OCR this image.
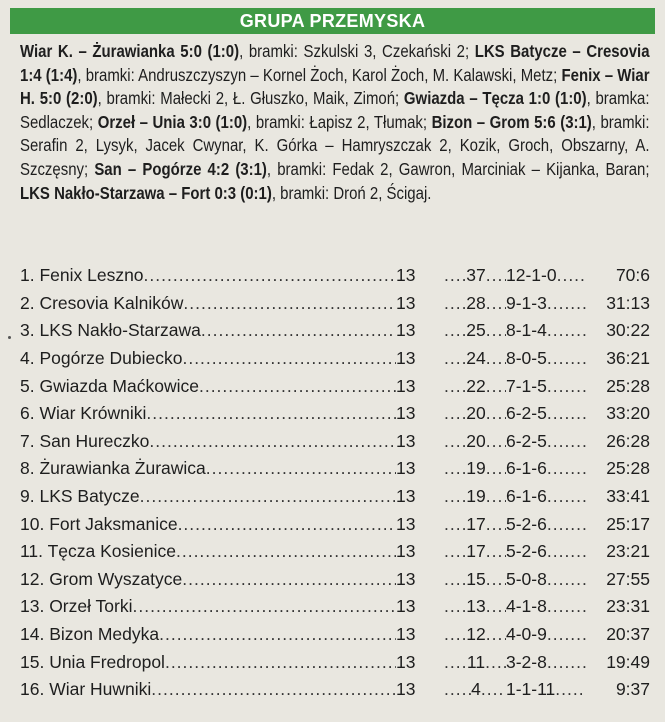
GRUPA PRZEMYSKA
Wiar K. – Żurawianka 5:0 (1:0), bramki: Szkulski 3, Czekański 2; LKS Batycze – Cresovia 1:4 (1:4), bramki: Andruszczyszyn – Kornel Żoch, Karol Żoch, M. Kalawski, Metz; Fenix – Wiar H. 5:0 (2:0), bramki: Małecki 2, Ł. Głuszko, Maik, Zimoń; Gwiazda – Tęcza 1:0 (1:0), bramka: Sedlaczek; Orzeł – Unia 3:0 (1:0), bramki: Łapisz 2, Tłumak; Bizon – Grom 5:6 (3:1), bramki: Serafin 2, Lysyk, Jacek Cwynar, K. Górka – Hamryszczak 2, Kozik, Groch, Obszarny, A. Szczęsny; San – Pogórze 4:2 (3:1), bramki: Fedak 2, Gawron, Marciniak – Kijanka, Baran; LKS Nakło-Starzawa – Fort 0:3 (0:1), bramki: Droń 2, Ścigaj.
1. Fenix Leszno .....	13 .....	37 ..... 12-1-0 .....	70:6
2. Cresovia Kalników .....	13 .....	28 ..... 9-1-3 .....	31:13
3. LKS Nakło-Starzawa .....	13 .....	25 ..... 8-1-4 .....	30:22
4. Pogórze Dubiecko .....	13 .....	24 ..... 8-0-5 .....	36:21
5. Gwiazda Maćkowice .....	13 .....	22 ..... 7-1-5 .....	25:28
6. Wiar Krówniki .....	13 .....	20 ..... 6-2-5 .....	33:20
7. San Hureczko .....	13 .....	20 ..... 6-2-5 .....	26:28
8. Żurawianka Żurawica .....	13 .....	19 ..... 6-1-6 .....	25:28
9. LKS Batycze .....	13 .....	19 ..... 6-1-6 .....	33:41
10. Fort Jaksmanice .....	13 .....	17 ..... 5-2-6 .....	25:17
11. Tęcza Kosienice .....	13 .....	17 ..... 5-2-6 .....	23:21
12. Grom Wyszatyce .....	13 .....	15 ..... 5-0-8 .....	27:55
13. Orzeł Torki .....	13 .....	13 ..... 4-1-8 .....	23:31
14. Bizon Medyka .....	13 .....	12 ..... 4-0-9 .....	20:37
15. Unia Fredropol .....	13 .....	11 ..... 3-2-8 .....	19:49
16. Wiar Huwniki .....	13 .....	4 ..... 1-1-11 .....	9:37
